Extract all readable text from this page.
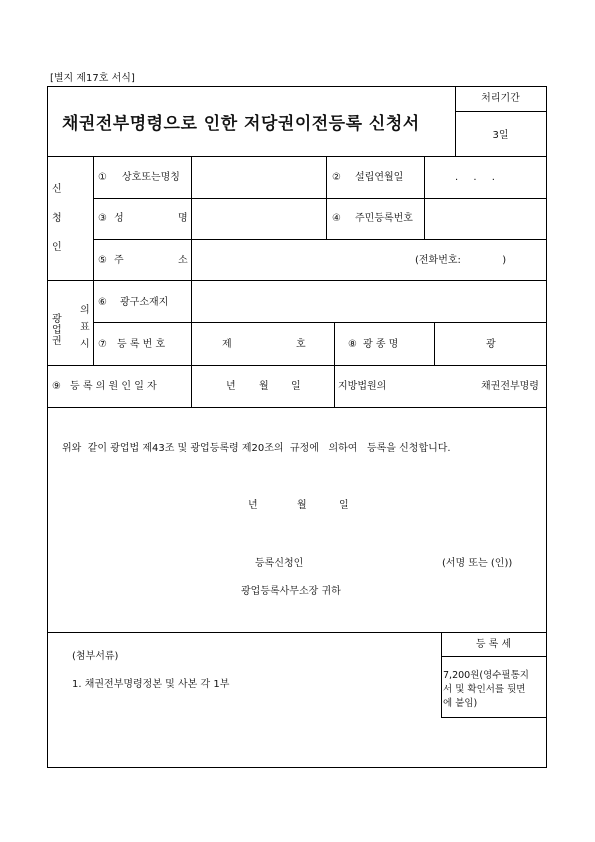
[별지 제17호 서식]
채권전부명령으로 인한 저당권이전등록 신청서
처리기간
3일
신
청
인
① 상호또는명칭	② 설립연월일	. . .
③ 성	명	④ 주민등록번호
⑤ 주	소	(전화번호:             )
광
업
권
의
표
시
⑥ 광구소재지
⑦ 등 록 번 호	제	호	⑧ 광 종 명	광
⑨ 등 록 의 원 인 일 자	년 월 일	지방법원의	채권전부명령
위와  같이 광업법 제43조 및 광업등록령 제20조의  규정에   의하여   등록을 신청합니다.
년	월	일
등록신청인	(서명 또는 (인))
광업등록사무소장 귀하
(첨부서류)
1. 채권전부명령정본 및 사본 각 1부
등 록 세
7,200원(영수필통지
서 및 확인서를 뒷면
에 붙임)
